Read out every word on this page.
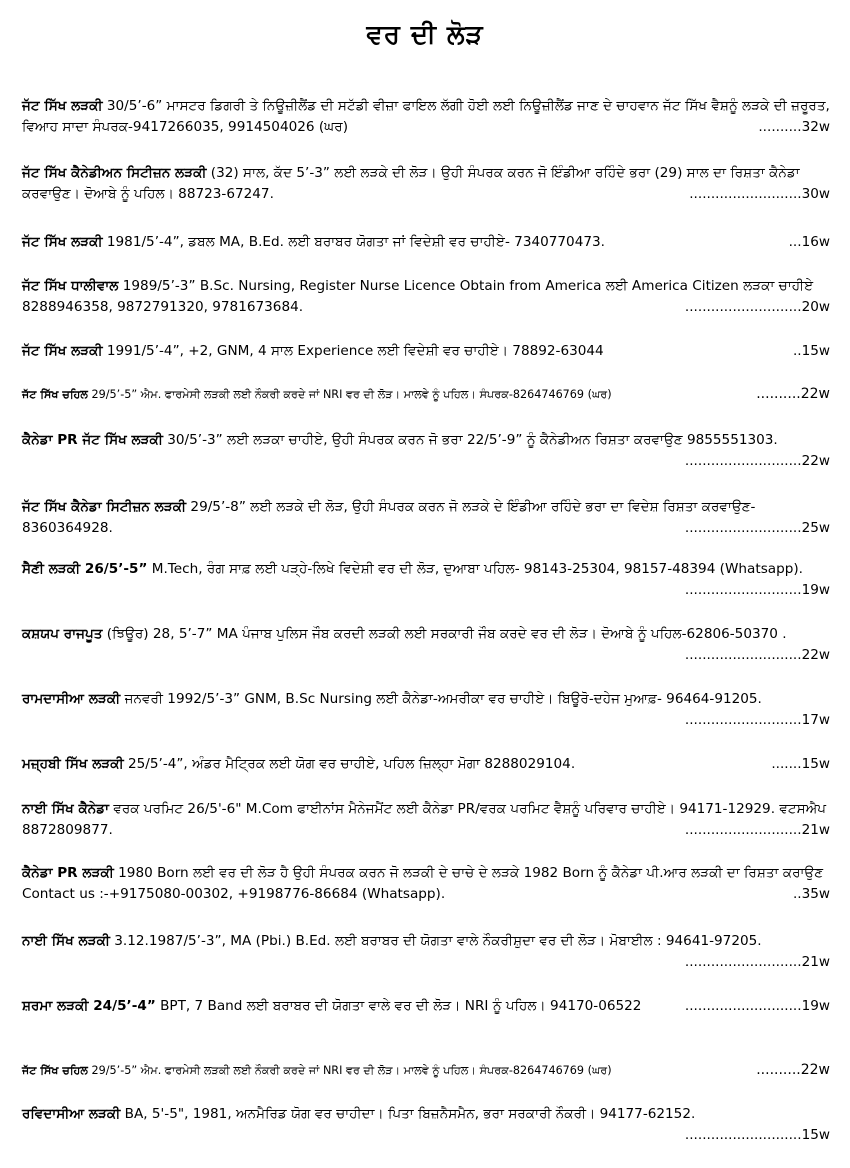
ਵਰ ਦੀ ਲੋੜ
ਜੱਟ ਸਿੱਖ ਲੜਕੀ 30/5’-6” ਮਾਸਟਰ ਡਿਗਰੀ ਤੇ ਨਿਊਜ਼ੀਲੈਂਡ ਦੀ ਸਟੱਡੀ ਵੀਜ਼ਾ ਫਾਇਲ ਲੱਗੀ ਹੋਈ ਲਈ ਨਿਊਜ਼ੀਲੈਂਡ ਜਾਣ ਦੇ ਚਾਹਵਾਨ ਜੱਟ ਸਿੱਖ ਵੈਸ਼ਨੂੰ ਲੜਕੇ ਦੀ ਜ਼ਰੂਰਤ, ਵਿਆਹ ਸਾਦਾ ਸੰਪਰਕ-9417266035, 9914504026 (ਘਰ)	..........32w
ਜੱਟ ਸਿੱਖ ਕੈਨੇਡੀਅਨ ਸਿਟੀਜ਼ਨ ਲੜਕੀ (32) ਸਾਲ, ਕੱਦ 5’-3” ਲਈ ਲੜਕੇ ਦੀ ਲੋੜ। ਉਹੀ ਸੰਪਰਕ ਕਰਨ ਜੋ ਇੰਡੀਆ ਰਹਿੰਦੇ ਭਰਾ (29) ਸਾਲ ਦਾ ਰਿਸ਼ਤਾ ਕੈਨੇਡਾ ਕਰਵਾਉਣ। ਦੋਆਬੇ ਨੂੰ ਪਹਿਲ। 88723-67247.	..........................30w
ਜੱਟ ਸਿੱਖ ਲੜਕੀ 1981/5’-4”, ਡਬਲ MA, B.Ed. ਲਈ ਬਰਾਬਰ ਯੋਗਤਾ ਜਾਂ ਵਿਦੇਸ਼ੀ ਵਰ ਚਾਹੀਏ- 7340770473.	...16w
ਜੱਟ ਸਿੱਖ ਧਾਲੀਵਾਲ 1989/5’-3” B.Sc. Nursing, Register Nurse Licence Obtain from America ਲਈ America Citizen ਲੜਕਾ ਚਾਹੀਏ 8288946358, 9872791320, 9781673684.	...........................20w
ਜੱਟ ਸਿੱਖ ਲੜਕੀ 1991/5’-4”, +2, GNM, 4 ਸਾਲ Experience ਲਈ ਵਿਦੇਸ਼ੀ ਵਰ ਚਾਹੀਏ। 78892-63044	..15w
ਜੱਟ ਸਿੱਖ ਚਹਿਲ 29/5’-5” ਐਮ. ਫਾਰਮੇਸੀ ਲੜਕੀ ਲਈ ਨੌਕਰੀ ਕਰਦੇ ਜਾਂ NRI ਵਰ ਦੀ ਲੋੜ। ਮਾਲਵੇ ਨੂੰ ਪਹਿਲ। ਸੰਪਰਕ-8264746769 (ਘਰ)	..........22w
ਕੈਨੇਡਾ PR ਜੱਟ ਸਿੱਖ ਲੜਕੀ 30/5’-3” ਲਈ ਲੜਕਾ ਚਾਹੀਏ, ਉਹੀ ਸੰਪਰਕ ਕਰਨ ਜੋ ਭਰਾ 22/5’-9” ਨੂੰ ਕੈਨੇਡੀਅਨ ਰਿਸ਼ਤਾ ਕਰਵਾਉਣ 9855551303.
...........................22w
ਜੱਟ ਸਿੱਖ ਕੈਨੇਡਾ ਸਿਟੀਜ਼ਨ ਲੜਕੀ 29/5’-8” ਲਈ ਲੜਕੇ ਦੀ ਲੋੜ, ਉਹੀ ਸੰਪਰਕ ਕਰਨ ਜੋ ਲੜਕੇ ਦੇ ਇੰਡੀਆ ਰਹਿੰਦੇ ਭਰਾ ਦਾ ਵਿਦੇਸ਼ ਰਿਸ਼ਤਾ ਕਰਵਾਉਣ- 8360364928.	...........................25w
ਸੈਣੀ ਲੜਕੀ 26/5’-5” M.Tech, ਰੰਗ ਸਾਫ਼ ਲਈ ਪੜ੍ਹੇ-ਲਿਖੇ ਵਿਦੇਸ਼ੀ ਵਰ ਦੀ ਲੋੜ, ਦੁਆਬਾ ਪਹਿਲ- 98143-25304, 98157-48394 (Whatsapp).
...........................19w
ਕਸ਼ਯਪ ਰਾਜਪੂਤ (ਝਿਊਰ) 28, 5’-7” MA ਪੰਜਾਬ ਪੁਲਿਸ ਜੌਬ ਕਰਦੀ ਲੜਕੀ ਲਈ ਸਰਕਾਰੀ ਜੌਬ ਕਰਦੇ ਵਰ ਦੀ ਲੋੜ। ਦੋਆਬੇ ਨੂੰ ਪਹਿਲ-62806-50370 .
...........................22w
ਰਾਮਦਾਸੀਆ ਲੜਕੀ ਜਨਵਰੀ 1992/5’-3” GNM, B.Sc Nursing ਲਈ ਕੈਨੇਡਾ-ਅਮਰੀਕਾ ਵਰ ਚਾਹੀਏ। ਬਿਊਰੋ-ਦਹੇਜ ਮੁਆਫ਼- 96464-91205.
...........................17w
ਮਜ਼੍ਹਬੀ ਸਿੱਖ ਲੜਕੀ 25/5’-4”, ਅੰਡਰ ਮੈਟ੍ਰਿਕ ਲਈ ਯੋਗ ਵਰ ਚਾਹੀਏ, ਪਹਿਲ ਜ਼ਿਲ੍ਹਾ ਮੋਗਾ 8288029104.	.......15w
ਨਾਈ ਸਿੱਖ ਕੈਨੇਡਾ ਵਰਕ ਪਰਮਿਟ 26/5'-6" M.Com ਫਾਈਨਾਂਸ ਮੈਨੇਜਮੈਂਟ ਲਈ ਕੈਨੇਡਾ PR/ਵਰਕ ਪਰਮਿਟ ਵੈਸ਼ਨੂੰ ਪਰਿਵਾਰ ਚਾਹੀਏ। 94171-12929. ਵਟਸਐਪ 8872809877.	...........................21w
ਕੈਨੇਡਾ PR ਲੜਕੀ 1980 Born ਲਈ ਵਰ ਦੀ ਲੋੜ ਹੈ ਉਹੀ ਸੰਪਰਕ ਕਰਨ ਜੋ ਲੜਕੀ ਦੇ ਚਾਚੇ ਦੇ ਲੜਕੇ 1982 Born ਨੂੰ ਕੈਨੇਡਾ ਪੀ.ਆਰ ਲੜਕੀ ਦਾ ਰਿਸ਼ਤਾ ਕਰਾਉਣ Contact us :-+9175080-00302, +9198776-86684 (Whatsapp).	..35w
ਨਾਈ ਸਿੱਖ ਲੜਕੀ 3.12.1987/5’-3”, MA (Pbi.) B.Ed. ਲਈ ਬਰਾਬਰ ਦੀ ਯੋਗਤਾ ਵਾਲੇ ਨੌਕਰੀਸ਼ੁਦਾ ਵਰ ਦੀ ਲੋੜ। ਮੋਬਾਈਲ : 94641-97205.
...........................21w
ਸ਼ਰਮਾ ਲੜਕੀ 24/5’-4” BPT, 7 Band ਲਈ ਬਰਾਬਰ ਦੀ ਯੋਗਤਾ ਵਾਲੇ ਵਰ ਦੀ ਲੋੜ। NRI ਨੂੰ ਪਹਿਲ। 94170-06522	...........................19w
ਜੱਟ ਸਿੱਖ ਚਹਿਲ 29/5’-5” ਐਮ. ਫਾਰਮੇਸੀ ਲੜਕੀ ਲਈ ਨੌਕਰੀ ਕਰਦੇ ਜਾਂ NRI ਵਰ ਦੀ ਲੋੜ। ਮਾਲਵੇ ਨੂੰ ਪਹਿਲ। ਸੰਪਰਕ-8264746769 (ਘਰ)	..........22w
ਰਵਿਦਾਸੀਆ ਲੜਕੀ BA, 5'-5", 1981, ਅਨਮੈਰਿਡ ਯੋਗ ਵਰ ਚਾਹੀਦਾ। ਪਿਤਾ ਬਿਜ਼ਨੈਸਮੈਨ, ਭਰਾ ਸਰਕਾਰੀ ਨੌਕਰੀ। 94177-62152.
...........................15w
